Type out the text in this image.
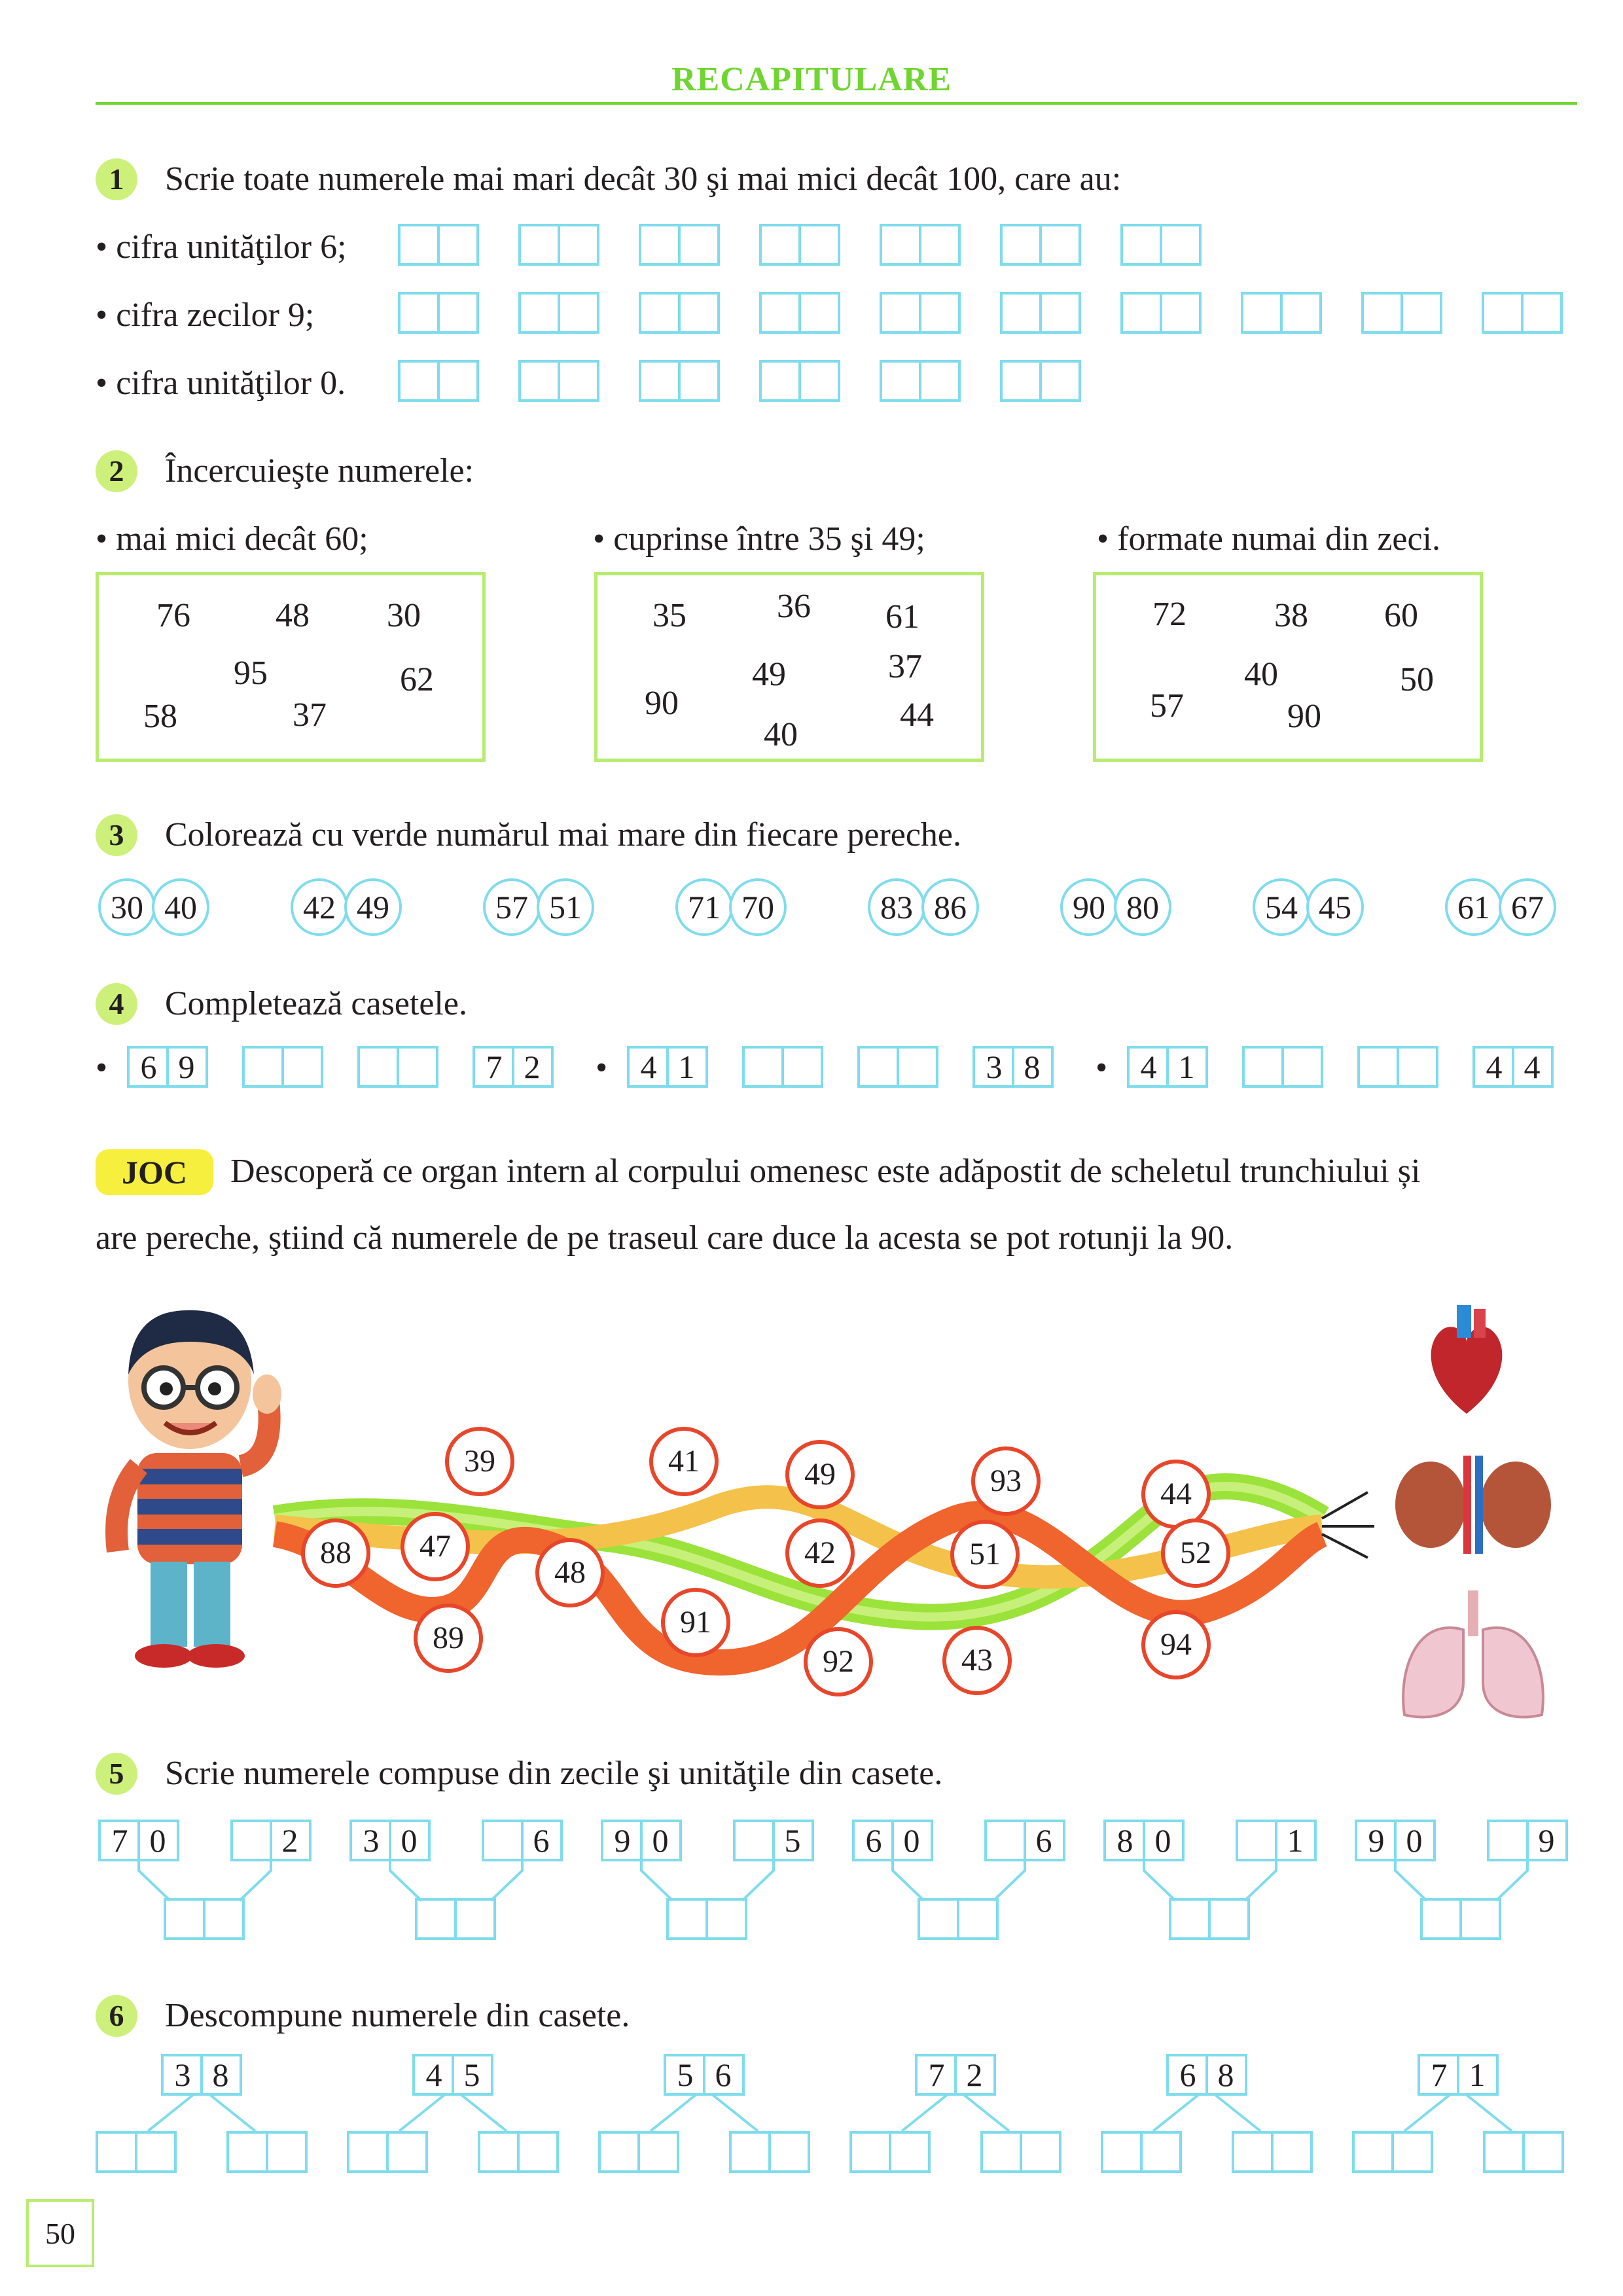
RECAPITULARE
1	Scrie toate numerele mai mari decât 30 şi mai mici decât 100, care au:
• cifra unităţilor 6;
• cifra zecilor 9;
• cifra unităţilor 0.
2	Încercuieşte numerele:
• mai mici decât 60;	• cuprinse între 35 şi 49;	• formate numai din zeci.
76	48 30
95	62
58	37
35	36 61
49	37
90	44
40
72	38 60
40	50
57	90
3	Colorează cu verde numărul mai mare din fiecare pereche.
4	Completează casetele.
JOC	Descoperă ce organ intern al corpului omenesc este adăpostit de scheletul trunchiului și
are pereche, ştiind că numerele de pe traseul care duce la acesta se pot rotunji la 90.
5	Scrie numerele compuse din zecile şi unităţile din casete.
6	Descompune numerele din casete.
50
30 40	42 49	57 51	71 70	83 86	90 80	54 45	61 67
•	6 9	7 2	•	4 1	3 8	•	4 1	4 4
39	41	49	93	44
88	47
48
42	51	52
89	91
92	43	94
7 0	2	3 0	6	9 0	5	6 0	6	8 0	1	9 0	9
3 8	4 5	5 6	7 2	6 8	7 1
